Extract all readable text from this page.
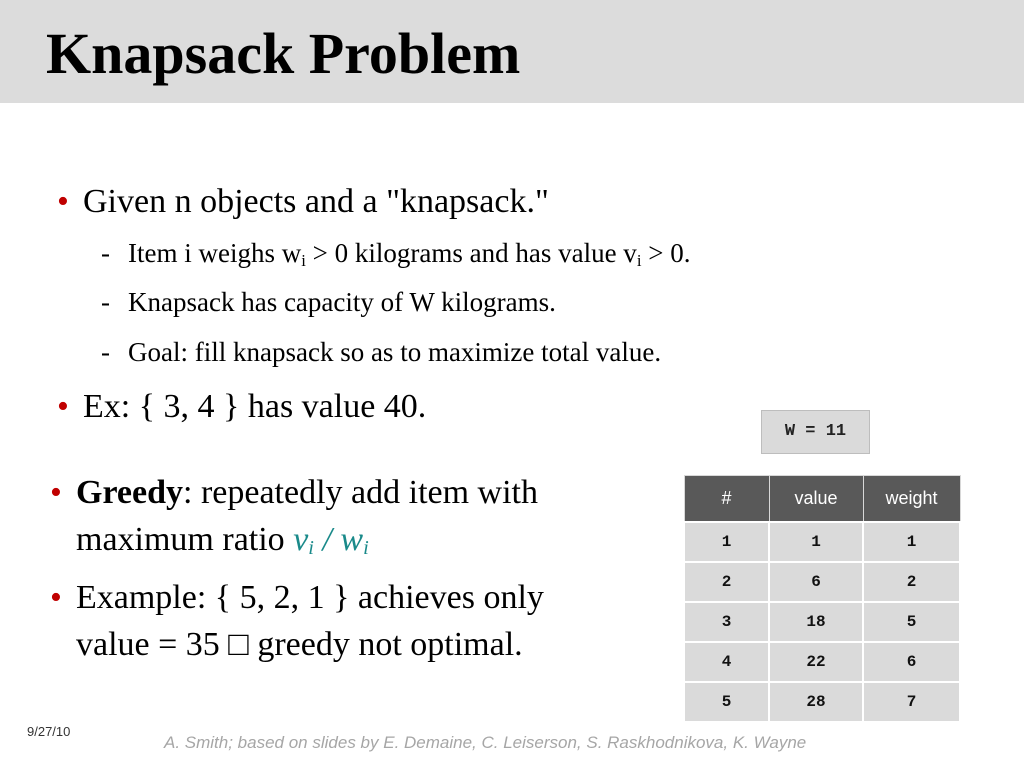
Knapsack Problem
• Given n objects and a "knapsack."
- Item i weighs $w_i > 0$ kilograms and has value $v_i > 0$.
- Knapsack has capacity of W kilograms.
- Goal: fill knapsack so as to maximize total value.
• Ex: { 3, 4 } has value 40.
W = 11
• Greedy: repeatedly add item with
maximum ratio $v_i / w_i$
• Example: { 5, 2, 1 } achieves only
value = 35 □ greedy not optimal.
#	value	weight
1	1	1
2	6	2
3	18	5
4	22	6
5	28	7
9/27/10
A. Smith; based on slides by E. Demaine, C. Leiserson, S. Raskhodnikova, K. Wayne
